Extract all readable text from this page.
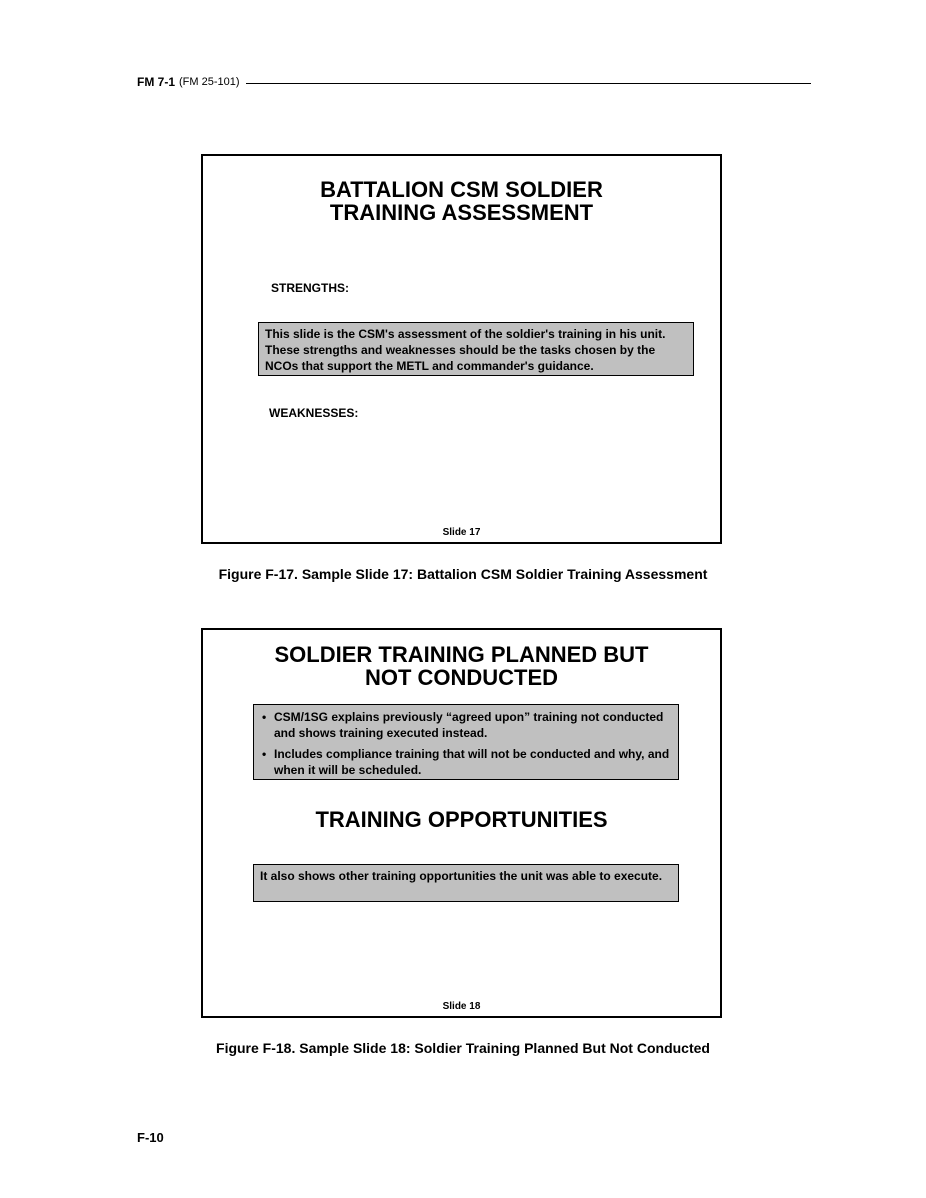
FM 7-1 (FM 25-101)
BATTALION CSM SOLDIER
TRAINING ASSESSMENT
STRENGTHS:
This slide is the CSM's assessment of the soldier's training in his unit. These strengths and weaknesses should be the tasks chosen by the NCOs that support the METL and commander's guidance.
WEAKNESSES:
Slide 17
Figure F-17. Sample Slide 17: Battalion CSM Soldier Training Assessment
SOLDIER TRAINING PLANNED BUT
NOT CONDUCTED
• CSM/1SG explains previously “agreed upon” training not conducted and shows training executed instead.
• Includes compliance training that will not be conducted and why, and when it will be scheduled.
TRAINING OPPORTUNITIES
It also shows other training opportunities the unit was able to execute.
Slide 18
Figure F-18. Sample Slide 18: Soldier Training Planned But Not Conducted
F-10
